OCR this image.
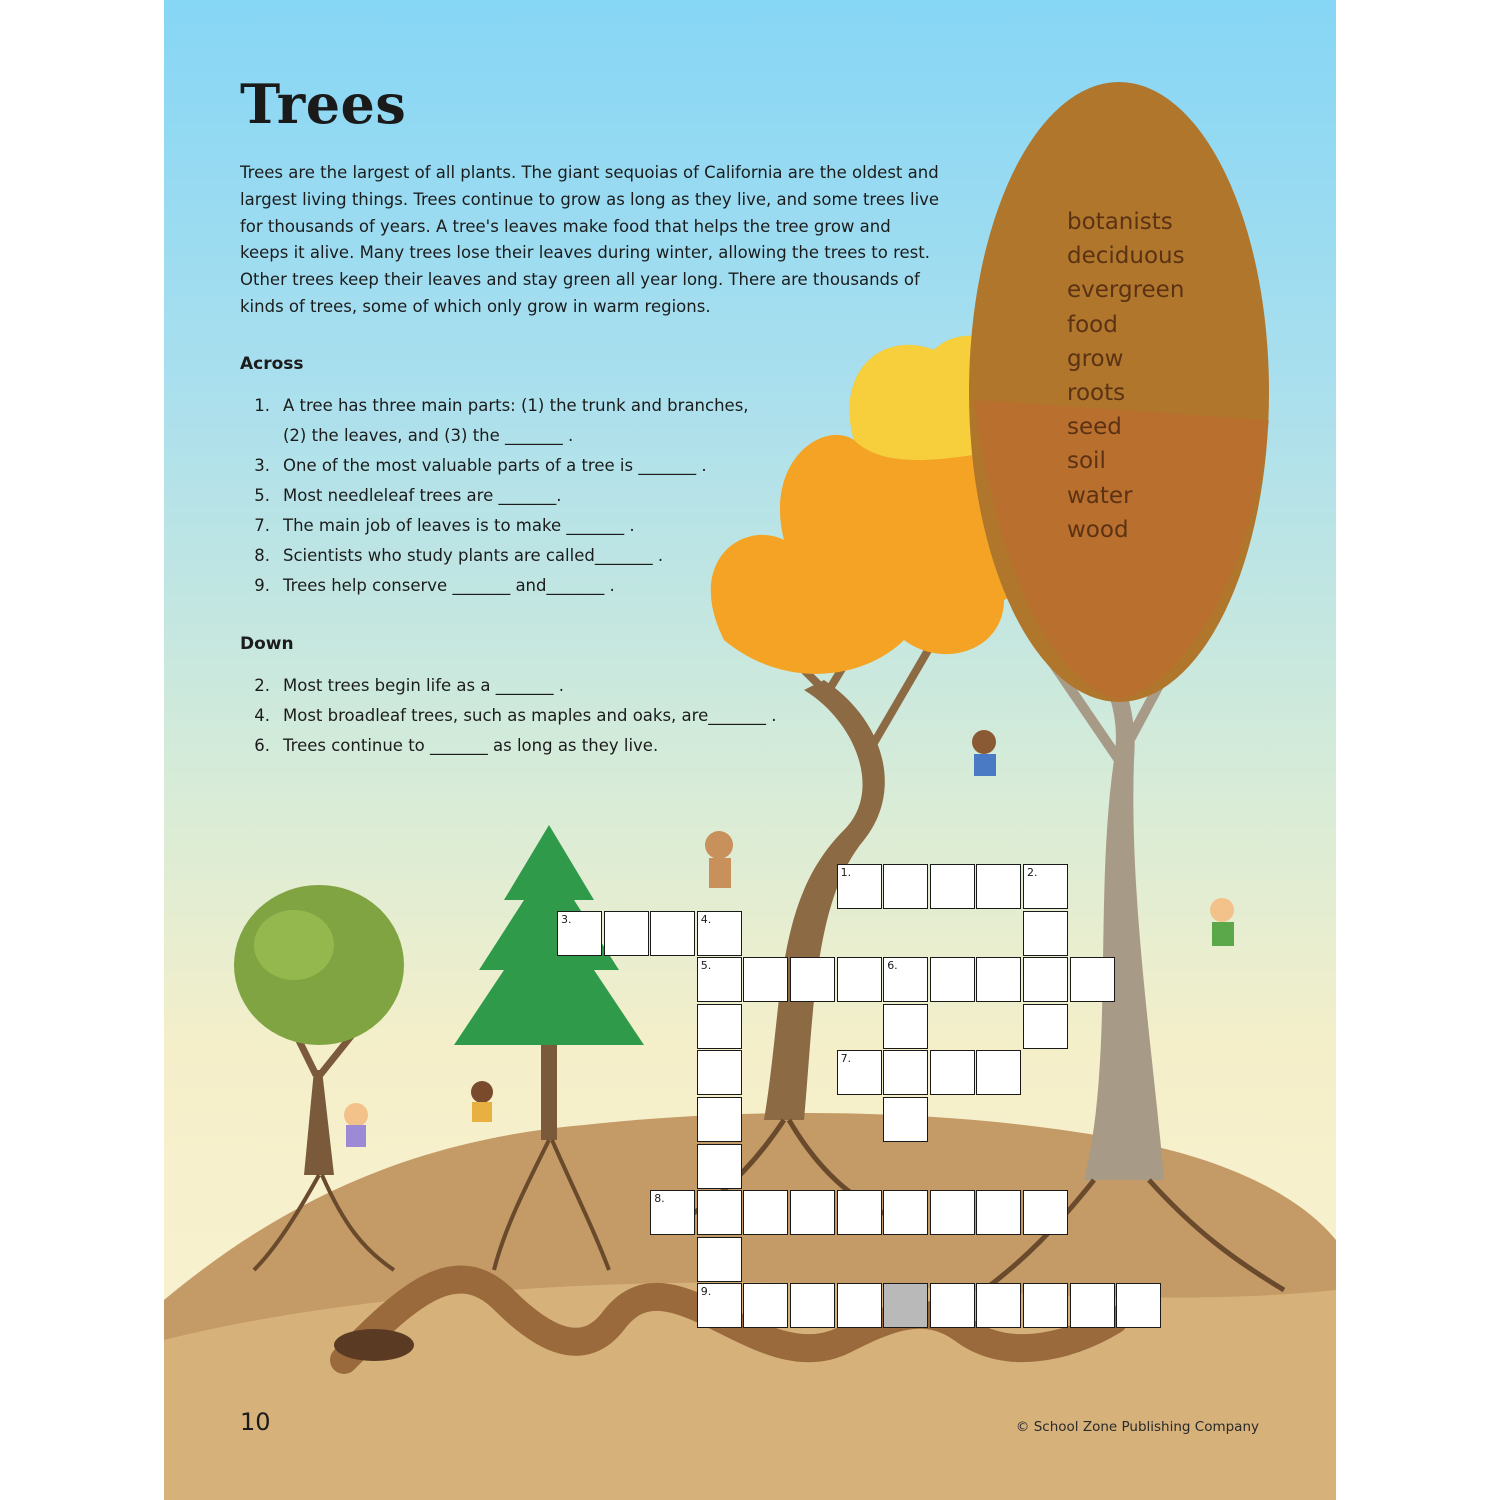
Trees

Trees are the largest of all plants. The giant sequoias of California are the oldest and largest living things. Trees continue to grow as long as they live, and some trees live for thousands of years. A tree's leaves make food that helps the tree grow and keeps it alive. Many trees lose their leaves during winter, allowing the trees to rest. Other trees keep their leaves and stay green all year long. There are thousands of kinds of trees, some of which only grow in warm regions.

Across
1. A tree has three main parts: (1) the trunk and branches, (2) the leaves, and (3) the _______ .
3. One of the most valuable parts of a tree is _______ .
5. Most needleleaf trees are _______.
7. The main job of leaves is to make _______ .
8. Scientists who study plants are called_______ .
9. Trees help conserve _______ and_______ .
Down
2. Most trees begin life as a _______ .
4. Most broadleaf trees, such as maples and oaks, are_______ .
6. Trees continue to _______ as long as they live.
botanists
deciduous
evergreen
food
grow
roots
seed
soil
water
wood
1.	2.
3.	4.
5.	6.
7.
8.
9.
10	© School Zone Publishing Company
